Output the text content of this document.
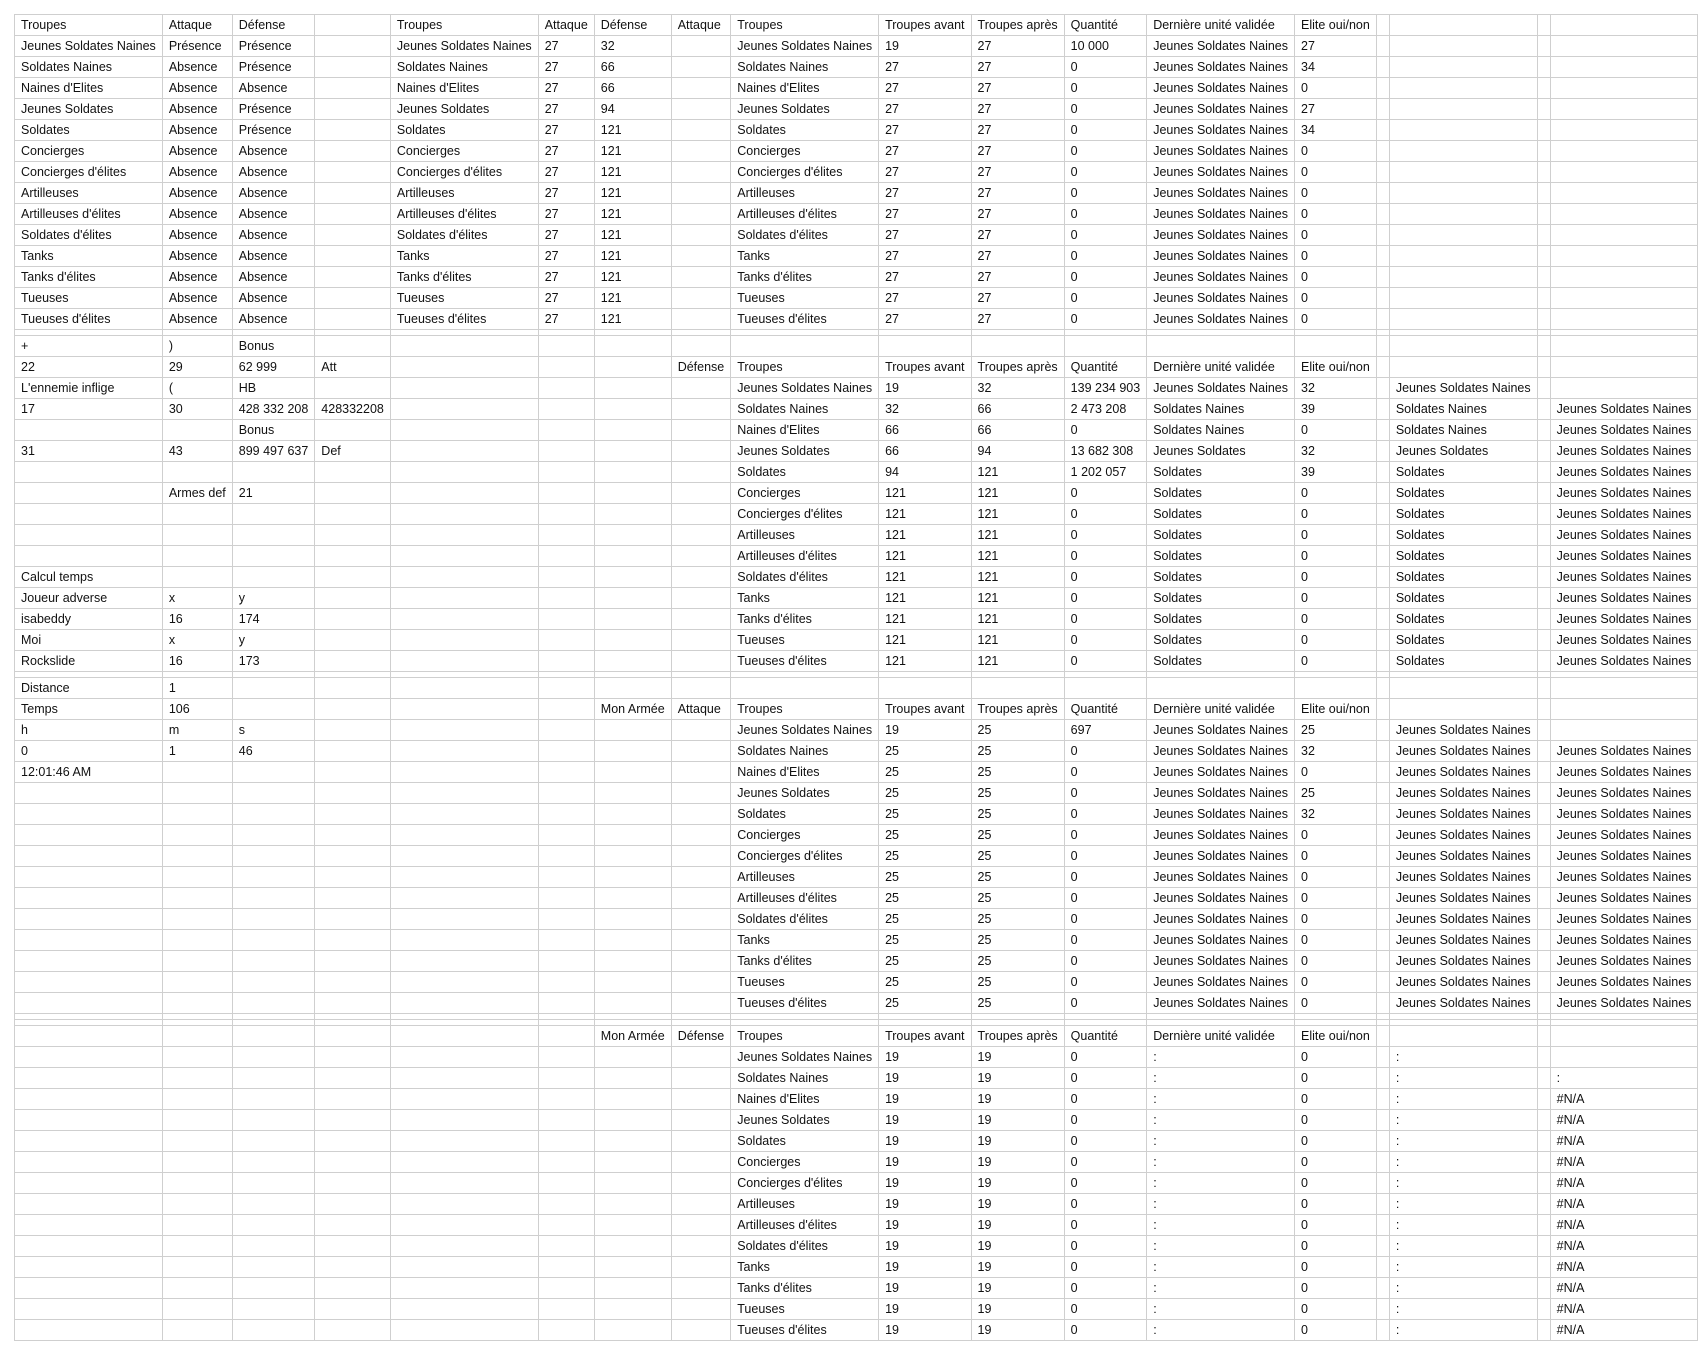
Troupes	Attaque	Défense		Troupes	Attaque	Défense	Attaque	Troupes	Troupes avant	Troupes après	Quantité	Dernière unité validée	Elite oui/non				
Jeunes Soldates Naines	Présence	Présence		Jeunes Soldates Naines	27	32		Jeunes Soldates Naines	19	27	10 000	Jeunes Soldates Naines	27				
Soldates Naines	Absence	Présence		Soldates Naines	27	66		Soldates Naines	27	27	0	Jeunes Soldates Naines	34				
Naines d'Elites	Absence	Absence		Naines d'Elites	27	66		Naines d'Elites	27	27	0	Jeunes Soldates Naines	0				
Jeunes Soldates	Absence	Présence		Jeunes Soldates	27	94		Jeunes Soldates	27	27	0	Jeunes Soldates Naines	27				
Soldates	Absence	Présence		Soldates	27	121		Soldates	27	27	0	Jeunes Soldates Naines	34				
Concierges	Absence	Absence		Concierges	27	121		Concierges	27	27	0	Jeunes Soldates Naines	0				
Concierges d'élites	Absence	Absence		Concierges d'élites	27	121		Concierges d'élites	27	27	0	Jeunes Soldates Naines	0				
Artilleuses	Absence	Absence		Artilleuses	27	121		Artilleuses	27	27	0	Jeunes Soldates Naines	0				
Artilleuses d'élites	Absence	Absence		Artilleuses d'élites	27	121		Artilleuses d'élites	27	27	0	Jeunes Soldates Naines	0				
Soldates d'élites	Absence	Absence		Soldates d'élites	27	121		Soldates d'élites	27	27	0	Jeunes Soldates Naines	0				
Tanks	Absence	Absence		Tanks	27	121		Tanks	27	27	0	Jeunes Soldates Naines	0				
Tanks d'élites	Absence	Absence		Tanks d'élites	27	121		Tanks d'élites	27	27	0	Jeunes Soldates Naines	0				
Tueuses	Absence	Absence		Tueuses	27	121		Tueuses	27	27	0	Jeunes Soldates Naines	0				
Tueuses d'élites	Absence	Absence		Tueuses d'élites	27	121		Tueuses d'élites	27	27	0	Jeunes Soldates Naines	0				

+	)	Bonus															
22	29	62 999	Att				Défense	Troupes	Troupes avant	Troupes après	Quantité	Dernière unité validée	Elite oui/non				
L'ennemie inflige	(	HB						Jeunes Soldates Naines	19	32	139 234 903	Jeunes Soldates Naines	32		Jeunes Soldates Naines		
17	30	428 332 208	428332208					Soldates Naines	32	66	2 473 208	Soldates Naines	39		Soldates Naines		Jeunes Soldates Naines
		Bonus						Naines d'Elites	66	66	0	Soldates Naines	0		Soldates Naines		Jeunes Soldates Naines
31	43	899 497 637	Def					Jeunes Soldates	66	94	13 682 308	Jeunes Soldates	32		Jeunes Soldates		Jeunes Soldates Naines
								Soldates	94	121	1 202 057	Soldates	39		Soldates		Jeunes Soldates Naines
	Armes def	21						Concierges	121	121	0	Soldates	0		Soldates		Jeunes Soldates Naines
								Concierges d'élites	121	121	0	Soldates	0		Soldates		Jeunes Soldates Naines
								Artilleuses	121	121	0	Soldates	0		Soldates		Jeunes Soldates Naines
								Artilleuses d'élites	121	121	0	Soldates	0		Soldates		Jeunes Soldates Naines
Calcul temps								Soldates d'élites	121	121	0	Soldates	0		Soldates		Jeunes Soldates Naines
Joueur adverse	x	y						Tanks	121	121	0	Soldates	0		Soldates		Jeunes Soldates Naines
isabeddy	16	174						Tanks d'élites	121	121	0	Soldates	0		Soldates		Jeunes Soldates Naines
Moi	x	y						Tueuses	121	121	0	Soldates	0		Soldates		Jeunes Soldates Naines
Rockslide	16	173						Tueuses d'élites	121	121	0	Soldates	0		Soldates		Jeunes Soldates Naines

Distance	1																
Temps	106					Mon Armée	Attaque	Troupes	Troupes avant	Troupes après	Quantité	Dernière unité validée	Elite oui/non				
h	m	s						Jeunes Soldates Naines	19	25	697	Jeunes Soldates Naines	25		Jeunes Soldates Naines		
0	1	46						Soldates Naines	25	25	0	Jeunes Soldates Naines	32		Jeunes Soldates Naines		Jeunes Soldates Naines
12:01:46 AM								Naines d'Elites	25	25	0	Jeunes Soldates Naines	0		Jeunes Soldates Naines		Jeunes Soldates Naines
								Jeunes Soldates	25	25	0	Jeunes Soldates Naines	25		Jeunes Soldates Naines		Jeunes Soldates Naines
								Soldates	25	25	0	Jeunes Soldates Naines	32		Jeunes Soldates Naines		Jeunes Soldates Naines
								Concierges	25	25	0	Jeunes Soldates Naines	0		Jeunes Soldates Naines		Jeunes Soldates Naines
								Concierges d'élites	25	25	0	Jeunes Soldates Naines	0		Jeunes Soldates Naines		Jeunes Soldates Naines
								Artilleuses	25	25	0	Jeunes Soldates Naines	0		Jeunes Soldates Naines		Jeunes Soldates Naines
								Artilleuses d'élites	25	25	0	Jeunes Soldates Naines	0		Jeunes Soldates Naines		Jeunes Soldates Naines
								Soldates d'élites	25	25	0	Jeunes Soldates Naines	0		Jeunes Soldates Naines		Jeunes Soldates Naines
								Tanks	25	25	0	Jeunes Soldates Naines	0		Jeunes Soldates Naines		Jeunes Soldates Naines
								Tanks d'élites	25	25	0	Jeunes Soldates Naines	0		Jeunes Soldates Naines		Jeunes Soldates Naines
								Tueuses	25	25	0	Jeunes Soldates Naines	0		Jeunes Soldates Naines		Jeunes Soldates Naines
								Tueuses d'élites	25	25	0	Jeunes Soldates Naines	0		Jeunes Soldates Naines		Jeunes Soldates Naines

						Mon Armée	Défense	Troupes	Troupes avant	Troupes après	Quantité	Dernière unité validée	Elite oui/non				
								Jeunes Soldates Naines	19	19	0	:	0		:		
								Soldates Naines	19	19	0	:	0		:		:
								Naines d'Elites	19	19	0	:	0		:		#N/A
								Jeunes Soldates	19	19	0	:	0		:		#N/A
								Soldates	19	19	0	:	0		:		#N/A
								Concierges	19	19	0	:	0		:		#N/A
								Concierges d'élites	19	19	0	:	0		:		#N/A
								Artilleuses	19	19	0	:	0		:		#N/A
								Artilleuses d'élites	19	19	0	:	0		:		#N/A
								Soldates d'élites	19	19	0	:	0		:		#N/A
								Tanks	19	19	0	:	0		:		#N/A
								Tanks d'élites	19	19	0	:	0		:		#N/A
								Tueuses	19	19	0	:	0		:		#N/A
								Tueuses d'élites	19	19	0	:	0		:		#N/A
